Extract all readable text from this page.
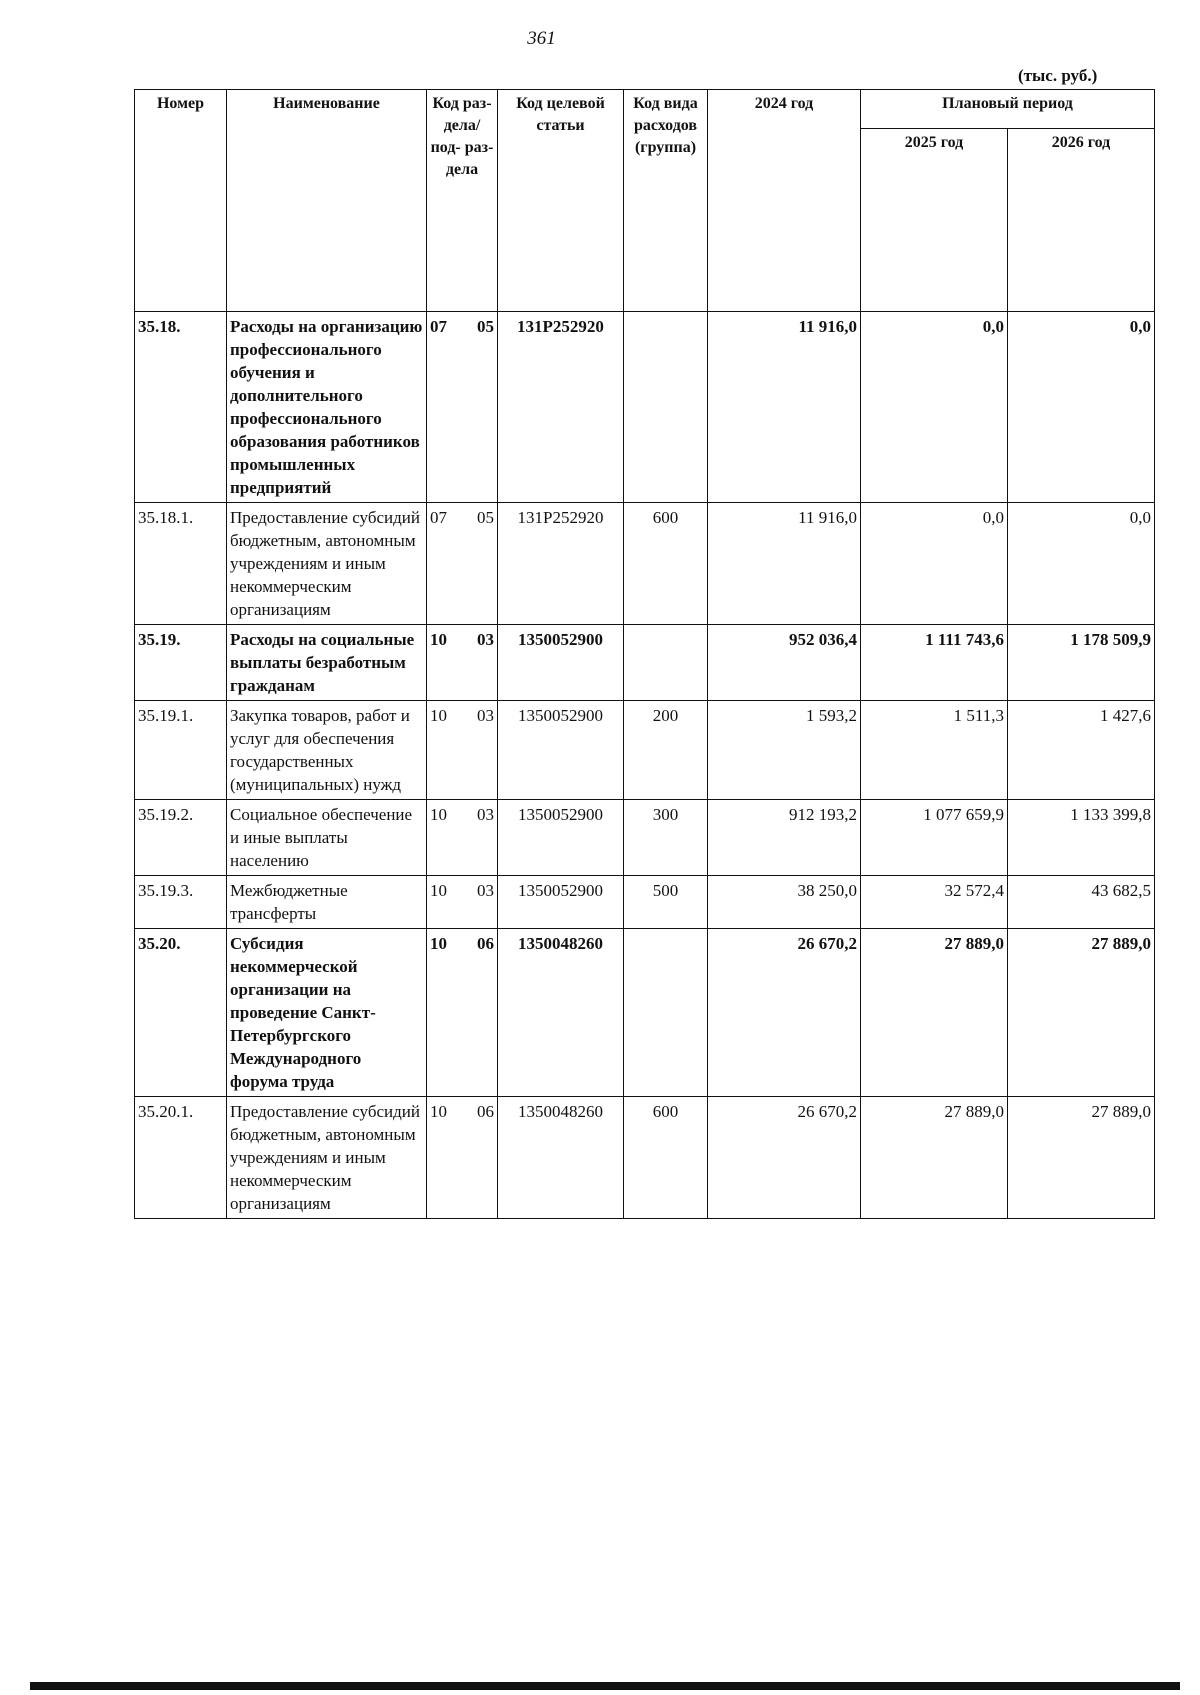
361
(тыс. руб.)
Номер	Наименование	Код раз- дела/ под- раз- дела	Код целевой статьи	Код вида расходов (группа)	2024 год	Плановый период	
						2025 год	2026 год
35.18.	Расходы на организацию профессионального обучения и дополнительного профессионального образования работников промышленных предприятий	07 05	131P252920		11 916,0	0,0	0,0
35.18.1.	Предоставление субсидий бюджетным, автономным учреждениям и иным некоммерческим организациям	07 05	131P252920	600	11 916,0	0,0	0,0
35.19.	Расходы на социальные выплаты безработным гражданам	10 03	1350052900		952 036,4	1 111 743,6	1 178 509,9
35.19.1.	Закупка товаров, работ и услуг для обеспечения государственных (муниципальных) нужд	10 03	1350052900	200	1 593,2	1 511,3	1 427,6
35.19.2.	Социальное обеспечение и иные выплаты населению	10 03	1350052900	300	912 193,2	1 077 659,9	1 133 399,8
35.19.3.	Межбюджетные трансферты	10 03	1350052900	500	38 250,0	32 572,4	43 682,5
35.20.	Субсидия некоммерческой организации на проведение Санкт-Петербургского Международного форума труда	10 06	1350048260		26 670,2	27 889,0	27 889,0
35.20.1.	Предоставление субсидий бюджетным, автономным учреждениям и иным некоммерческим организациям	10 06	1350048260	600	26 670,2	27 889,0	27 889,0
